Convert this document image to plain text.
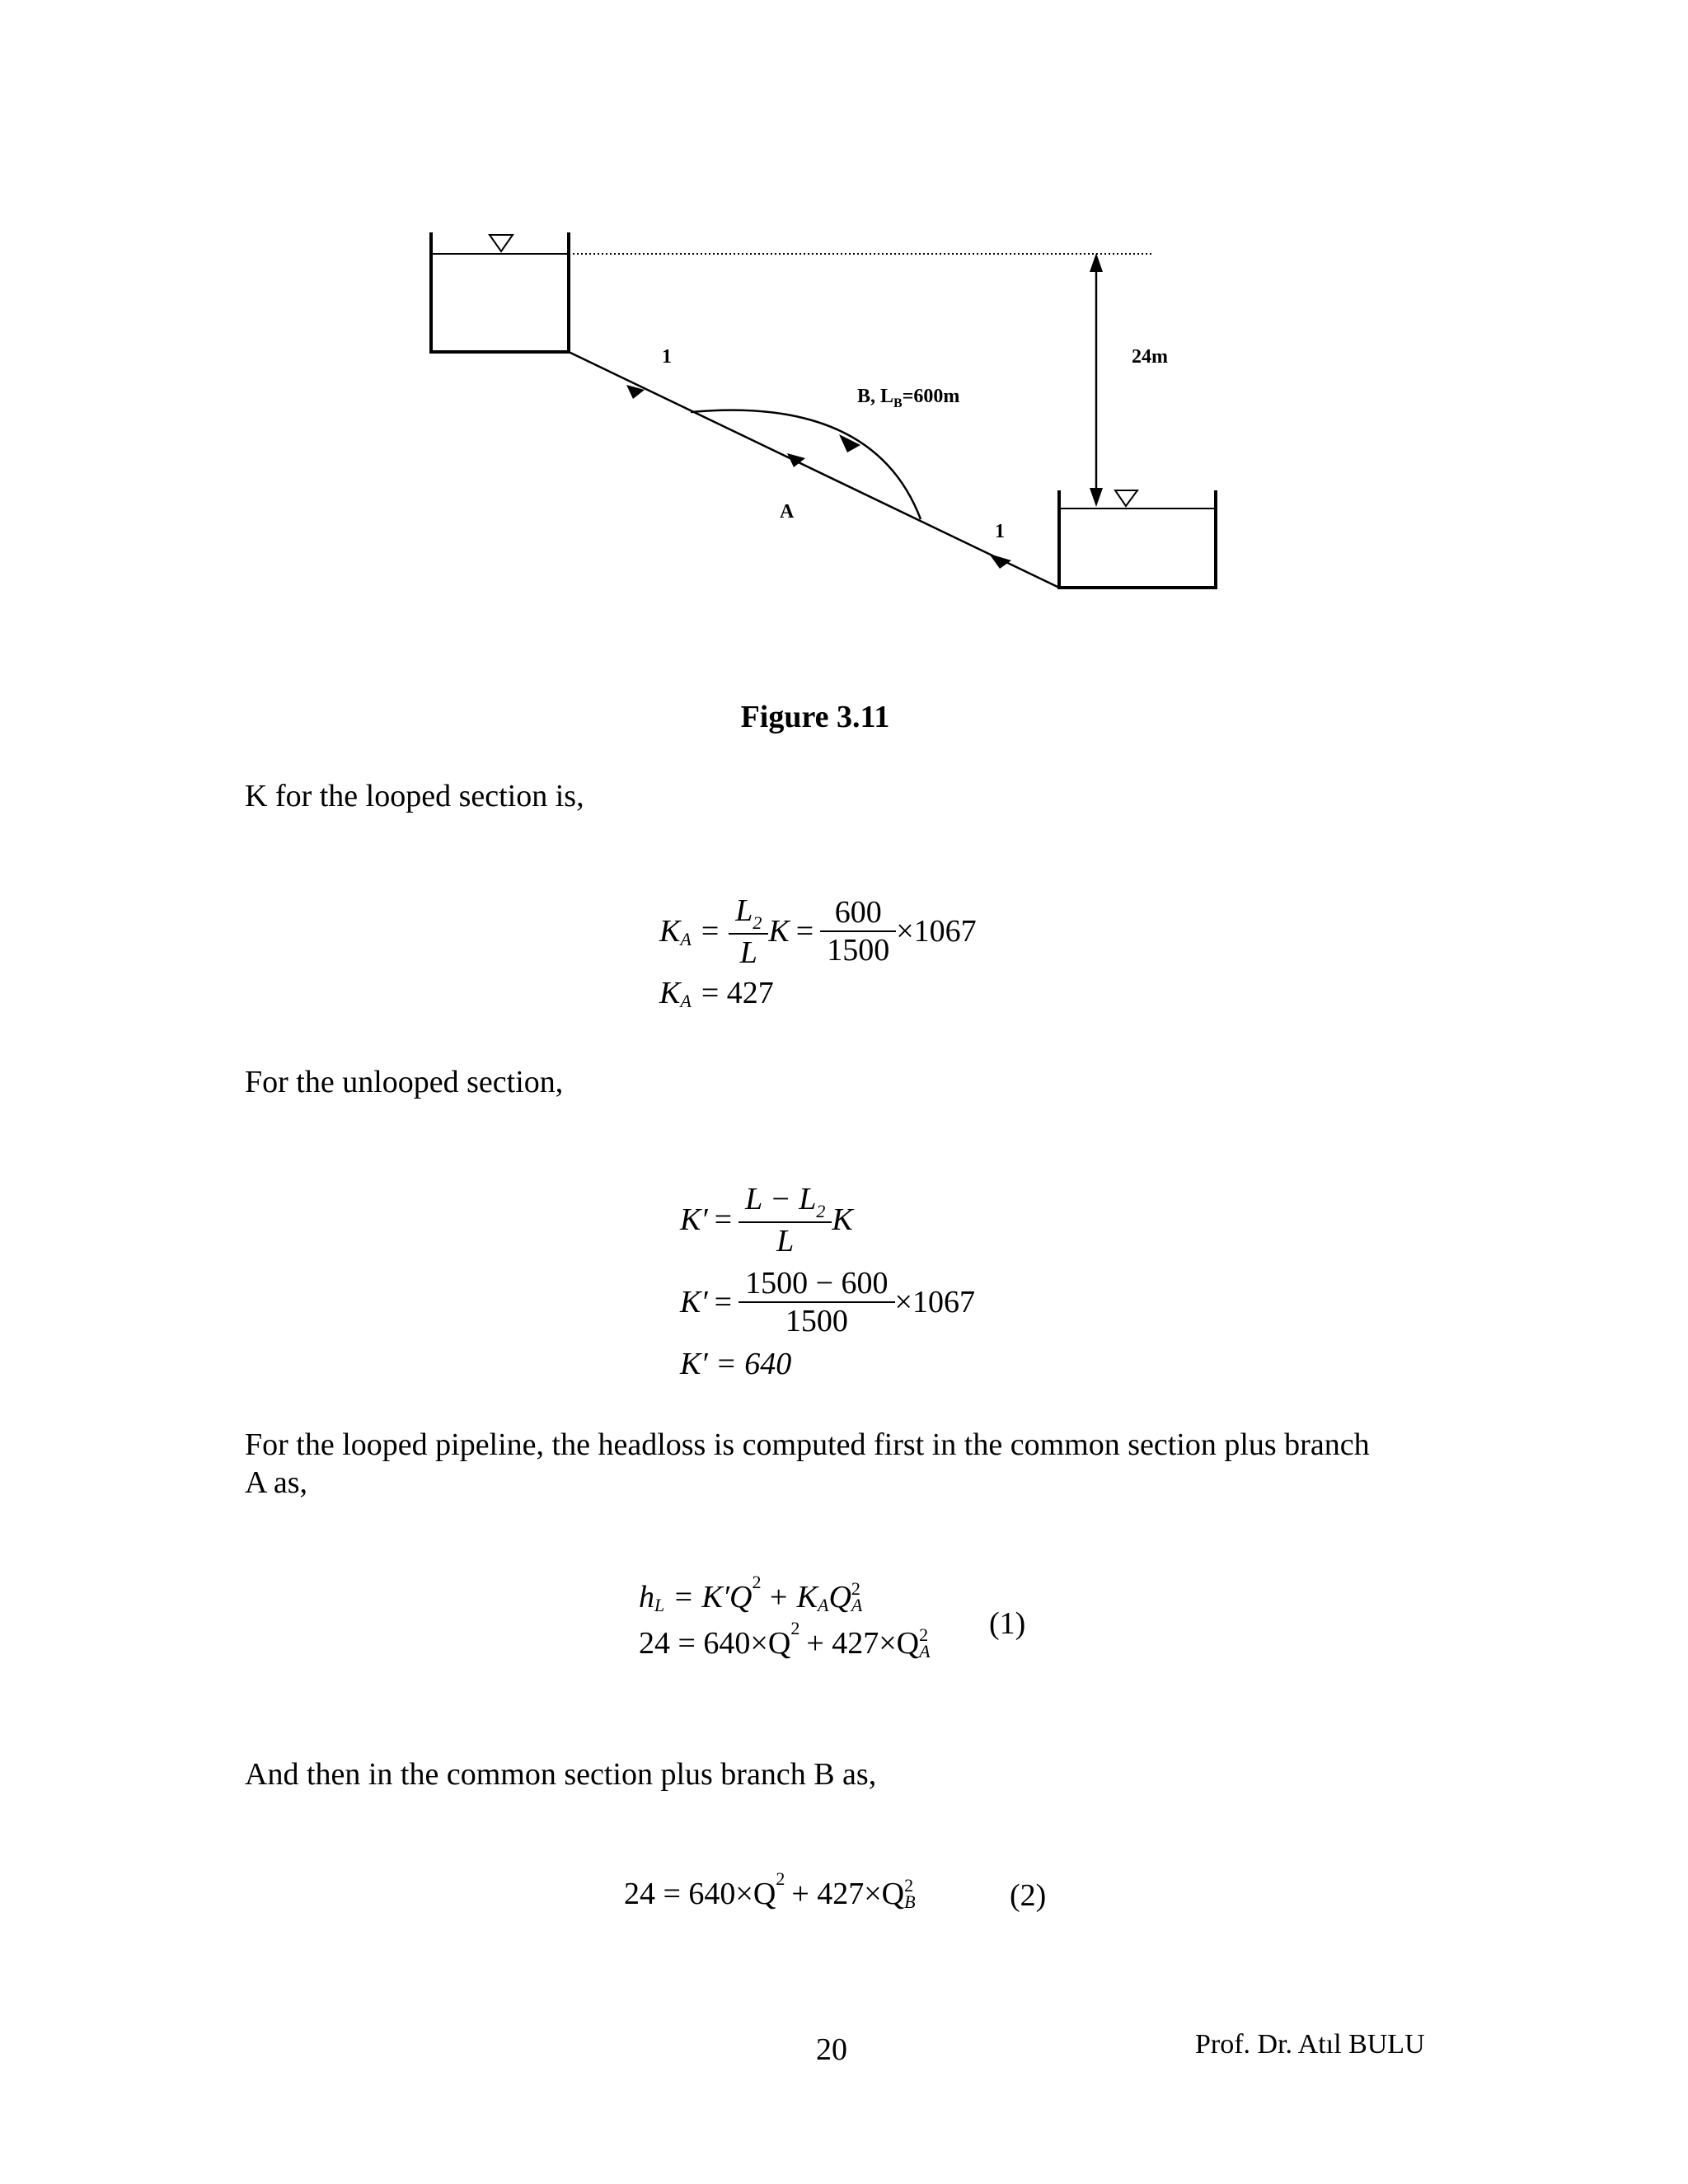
1
1
A
24m
B, $L_B=600m$
Figure 3.11
K for the looped section is,
K $A = \frac{L_2}{L}$ $K = \frac{600}{1500} \times 1067$
K A = 427
For the unlooped section,
$K' = \frac{L - L_2}{L}$ K
$K' = \frac{1500 - 600}{1500} \times 1067$
K′ = 640
For the looped pipeline, the headloss is computed first in the common section plus branch
A as,
h L = K′Q 2 + K A Q 2
A
24 = 640×Q 2 + 427×Q 2
A
(1)
And then in the common section plus branch B as,
24 = 640×Q 2 + 427×Q 2
B	(2)
20	Prof. Dr. Atıl BULU
